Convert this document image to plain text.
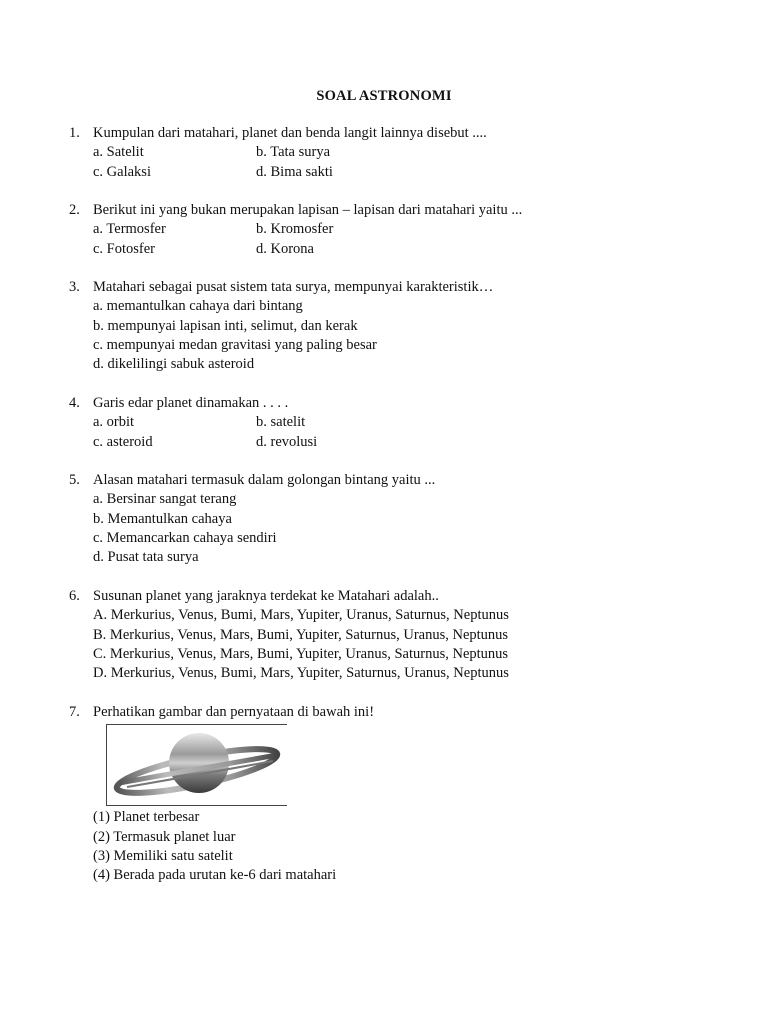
SOAL ASTRONOMI
1. Kumpulan dari matahari, planet dan benda langit lainnya disebut ....
a. Satelit	b. Tata surya
c. Galaksi	d. Bima sakti
2. Berikut ini yang bukan merupakan lapisan – lapisan dari matahari yaitu ...
a. Termosfer	b. Kromosfer
c. Fotosfer	d. Korona
3. Matahari sebagai pusat sistem tata surya, mempunyai karakteristik…
a. memantulkan cahaya dari bintang
b. mempunyai lapisan inti, selimut, dan kerak
c. mempunyai medan gravitasi yang paling besar
d. dikelilingi sabuk asteroid
4. Garis edar planet dinamakan . . . .
a. orbit	b. satelit
c. asteroid	d. revolusi
5. Alasan matahari termasuk dalam golongan bintang yaitu ...
a. Bersinar sangat terang
b. Memantulkan cahaya
c. Memancarkan cahaya sendiri
d. Pusat tata surya
6. Susunan planet yang jaraknya terdekat ke Matahari adalah..
A. Merkurius, Venus, Bumi, Mars, Yupiter, Uranus, Saturnus, Neptunus
B. Merkurius, Venus, Mars, Bumi, Yupiter, Saturnus, Uranus, Neptunus
C. Merkurius, Venus, Mars, Bumi, Yupiter, Uranus, Saturnus, Neptunus
D. Merkurius, Venus, Bumi, Mars, Yupiter, Saturnus, Uranus, Neptunus
7. Perhatikan gambar dan pernyataan di bawah ini!
(1) Planet terbesar
(2) Termasuk planet luar
(3) Memiliki satu satelit
(4) Berada pada urutan ke-6 dari matahari
